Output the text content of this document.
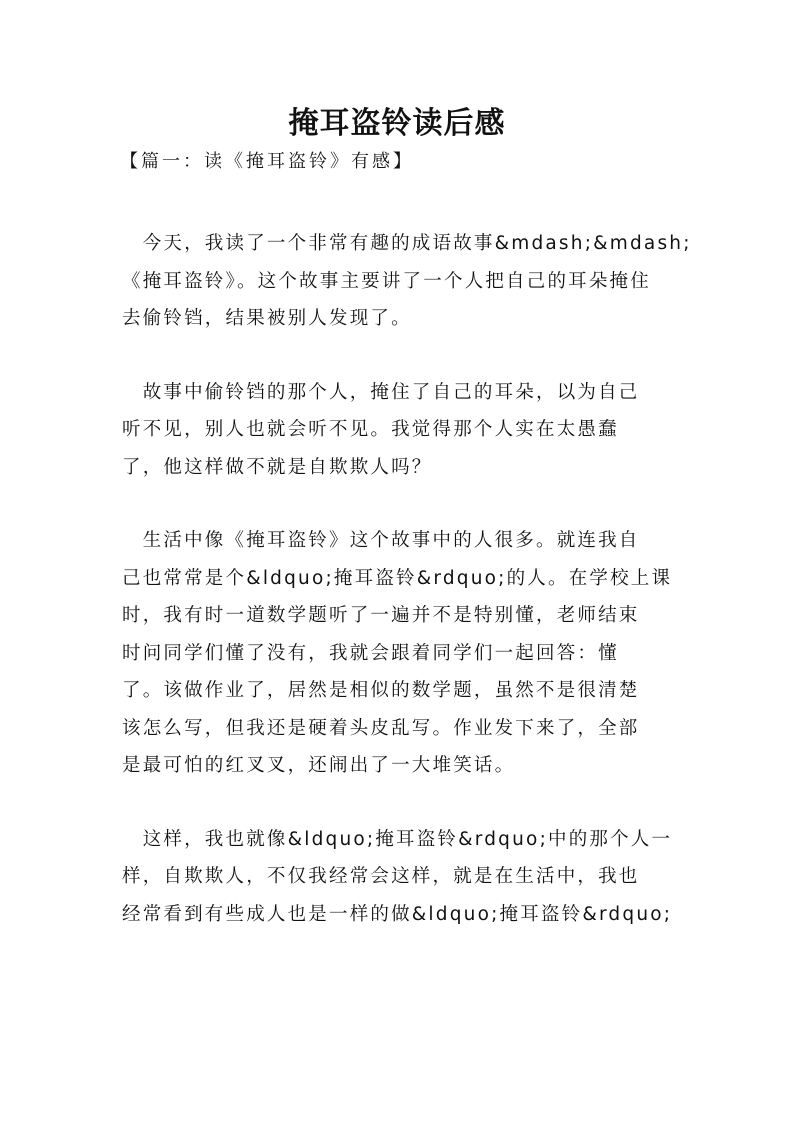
掩耳盗铃读后感
【篇一：读《掩耳盗铃》有感】

　今天，我读了一个非常有趣的成语故事&mdash;&mdash;
《掩耳盗铃》。这个故事主要讲了一个人把自己的耳朵掩住
去偷铃铛，结果被别人发现了。

　故事中偷铃铛的那个人，掩住了自己的耳朵，以为自己
听不见，别人也就会听不见。我觉得那个人实在太愚蠢
了，他这样做不就是自欺欺人吗？

　生活中像《掩耳盗铃》这个故事中的人很多。就连我自
己也常常是个&ldquo;掩耳盗铃&rdquo;的人。在学校上课
时，我有时一道数学题听了一遍并不是特别懂，老师结束
时问同学们懂了没有，我就会跟着同学们一起回答：懂
了。该做作业了，居然是相似的数学题，虽然不是很清楚
该怎么写，但我还是硬着头皮乱写。作业发下来了，全部
是最可怕的红叉叉，还闹出了一大堆笑话。

　这样，我也就像&ldquo;掩耳盗铃&rdquo;中的那个人一
样，自欺欺人，不仅我经常会这样，就是在生活中，我也
经常看到有些成人也是一样的做&ldquo;掩耳盗铃&rdquo;
